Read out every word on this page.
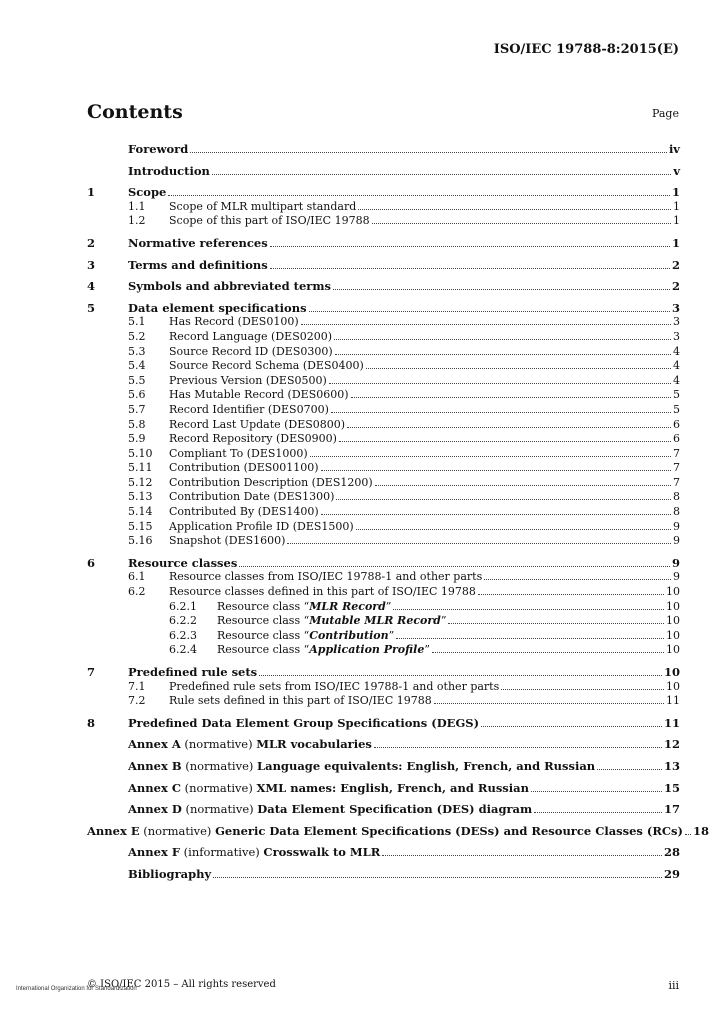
ISO/IEC 19788-8:2015(E)
Contents	Page
Foreword	iv
Introduction	v
1	Scope	1
1.1	Scope of MLR multipart standard	1
1.2	Scope of this part of ISO/IEC 19788	1
2	Normative references	1
3	Terms and definitions	2
4	Symbols and abbreviated terms	2
5	Data element specifications	3
5.1	Has Record (DES0100)	3
5.2	Record Language (DES0200)	3
5.3	Source Record ID (DES0300)	4
5.4	Source Record Schema (DES0400)	4
5.5	Previous Version (DES0500)	4
5.6	Has Mutable Record (DES0600)	5
5.7	Record Identifier (DES0700)	5
5.8	Record Last Update (DES0800)	6
5.9	Record Repository (DES0900)	6
5.10	Compliant To (DES1000)	7
5.11	Contribution (DES001100)	7
5.12	Contribution Description (DES1200)	7
5.13	Contribution Date (DES1300)	8
5.14	Contributed By (DES1400)	8
5.15	Application Profile ID (DES1500)	9
5.16	Snapshot (DES1600)	9
6	Resource classes	9
6.1	Resource classes from ISO/IEC 19788-1 and other parts	9
6.2	Resource classes defined in this part of ISO/IEC 19788	10
6.2.1	Resource class “MLR Record”	10
6.2.2	Resource class “Mutable MLR Record”	10
6.2.3	Resource class “Contribution”	10
6.2.4	Resource class “Application Profile”	10
7	Predefined rule sets	10
7.1	Predefined rule sets from ISO/IEC 19788-1 and other parts	10
7.2	Rule sets defined in this part of ISO/IEC 19788	11
8	Predefined Data Element Group Specifications (DEGS)	11
Annex A (normative) MLR vocabularies	12
Annex B (normative) Language equivalents: English, French, and Russian	13
Annex C (normative) XML names: English, French, and Russian	15
Annex D (normative) Data Element Specification (DES) diagram	17
Annex E (normative) Generic Data Element Specifications (DESs) and Resource Classes (RCs) 18
Annex F (informative) Crosswalk to MLR	28
Bibliography	29
© ISO/IEC 2015 – All rights reserved	iii
International Organization for Standardization
